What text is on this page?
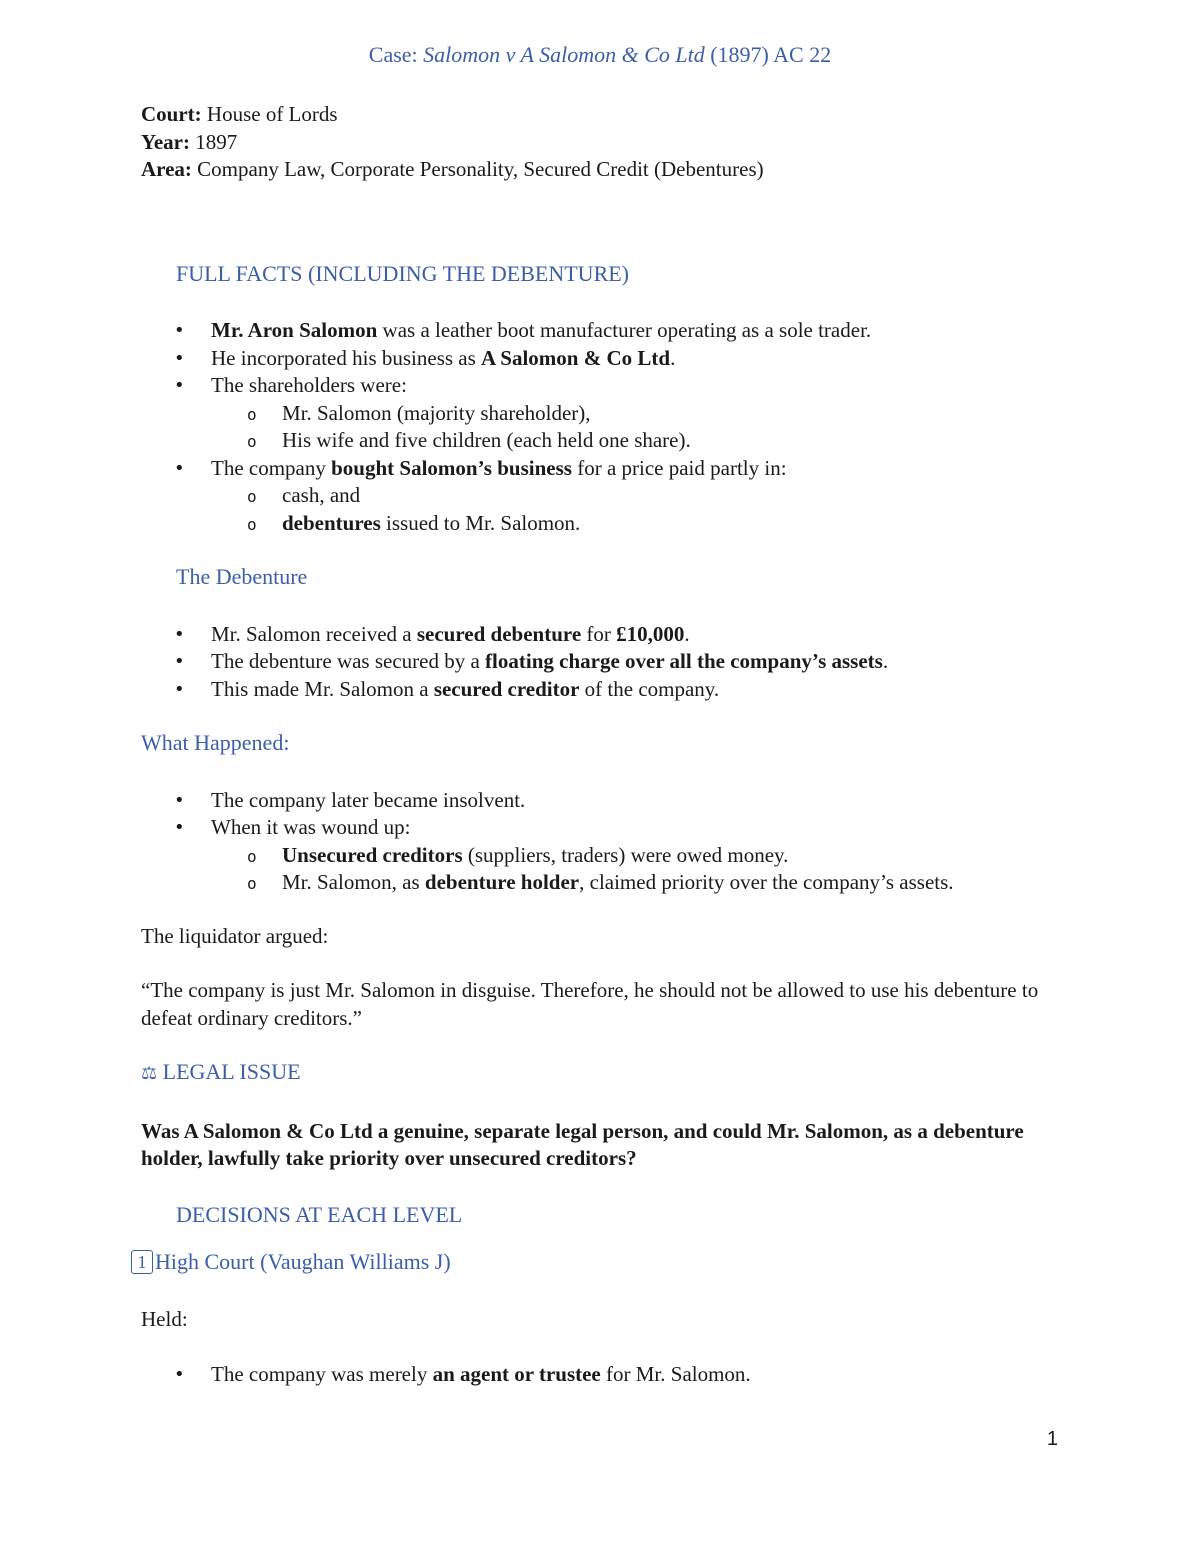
Case: Salomon v A Salomon & Co Ltd (1897) AC 22

Court: House of Lords

Year: 1897

Area: Company Law, Corporate Personality, Secured Credit (Debentures)

FULL FACTS (INCLUDING THE DEBENTURE)

• Mr. Aron Salomon was a leather boot manufacturer operating as a sole trader.
• He incorporated his business as A Salomon & Co Ltd.
• The shareholders were:
o Mr. Salomon (majority shareholder),
o His wife and five children (each held one share).
• The company bought Salomon’s business for a price paid partly in:
o cash, and
o debentures issued to Mr. Salomon.

The Debenture

• Mr. Salomon received a secured debenture for £10,000.
• The debenture was secured by a floating charge over all the company’s assets.
• This made Mr. Salomon a secured creditor of the company.

What Happened:

• The company later became insolvent.
• When it was wound up:
o Unsecured creditors (suppliers, traders) were owed money.
o Mr. Salomon, as debenture holder, claimed priority over the company’s assets.

The liquidator argued:

“The company is just Mr. Salomon in disguise. Therefore, he should not be allowed to use his debenture to defeat ordinary creditors.”

⚖ LEGAL ISSUE

Was A Salomon & Co Ltd a genuine, separate legal person, and could Mr. Salomon, as a debenture holder, lawfully take priority over unsecured creditors?

DECISIONS AT EACH LEVEL

1 High Court (Vaughan Williams J)

Held:

• The company was merely an agent or trustee for Mr. Salomon.
1
